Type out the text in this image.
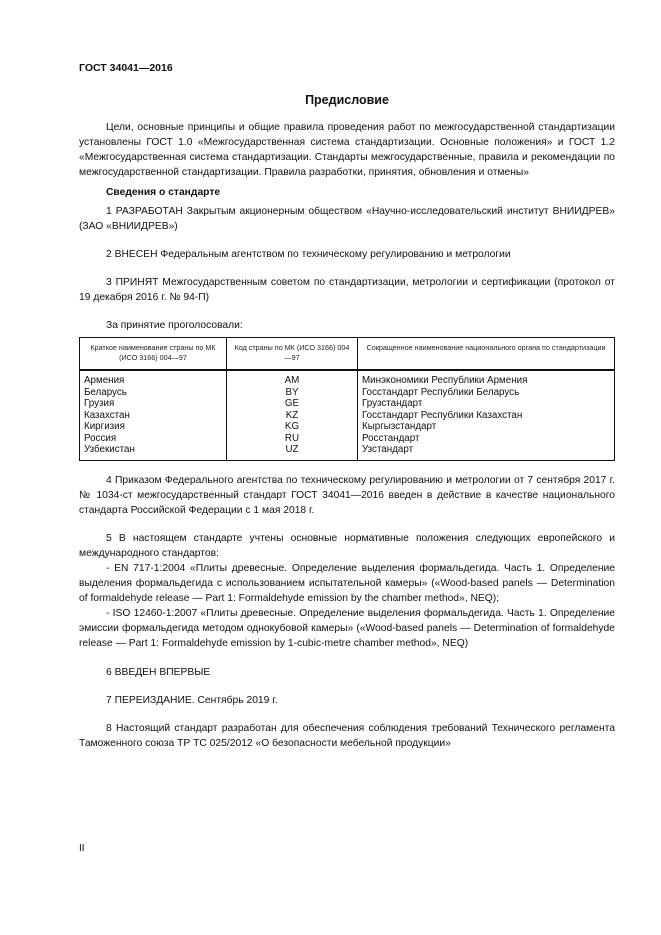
ГОСТ 34041—2016
Предисловие

Цели, основные принципы и общие правила проведения работ по межгосударственной стандартизации установлены ГОСТ 1.0 «Межгосударственная система стандартизации. Основные положения» и ГОСТ 1.2 «Межгосударственная система стандартизации. Стандарты межгосударственные, правила и рекомендации по межгосударственной стандартизации. Правила разработки, принятия, обновления и отмены»

Сведения о стандарте

1 РАЗРАБОТАН Закрытым акционерным обществом «Научно-исследовательский институт ВНИИДРЕВ» (ЗАО «ВНИИДРЕВ»)

2 ВНЕСЕН Федеральным агентством по техническому регулированию и метрологии

3 ПРИНЯТ Межгосударственным советом по стандартизации, метрологии и сертификации (протокол от 19 декабря 2016 г. № 94-П)

За принятие проголосовали:

Краткое наименование страны по МК (ИСО 3166) 004—97	Код страны по МК (ИСО 3166) 004—97	Сокращенное наименование национального органа по стандартизации
Армения	AM	Минэкономики Республики Армения
Беларусь	BY	Госстандарт Республики Беларусь
Грузия	GE	Грузстандарт
Казахстан	KZ	Госстандарт Республики Казахстан
Киргизия	KG	Кыргызстандарт
Россия	RU	Росстандарт
Узбекистан	UZ	Узстандарт

4 Приказом Федерального агентства по техническому регулированию и метрологии от 7 сентября 2017 г. № 1034-ст межгосударственный стандарт ГОСТ 34041—2016 введен в действие в качестве национального стандарта Российской Федерации с 1 мая 2018 г.

5 В настоящем стандарте учтены основные нормативные положения следующих европейского и международного стандартов:

- EN 717-1:2004 «Плиты древесные. Определение выделения формальдегида. Часть 1. Определение выделения формальдегида с использованием испытательной камеры» («Wood-based panels — Determination of formaldehyde release — Part 1: Formaldehyde emission by the chamber method», NEQ);

- ISO 12460-1:2007 «Плиты древесные. Определение выделения формальдегида. Часть 1. Определение эмиссии формальдегида методом однокубовой камеры» («Wood-based panels — Determination of formaldehyde release — Part 1: Formaldehyde emission by 1-cubic-metre chamber method», NEQ)

6 ВВЕДЕН ВПЕРВЫЕ

7 ПЕРЕИЗДАНИЕ. Сентябрь 2019 г.

8 Настоящий стандарт разработан для обеспечения соблюдения требований Технического регламента Таможенного союза ТР ТС 025/2012 «О безопасности мебельной продукции»

II
